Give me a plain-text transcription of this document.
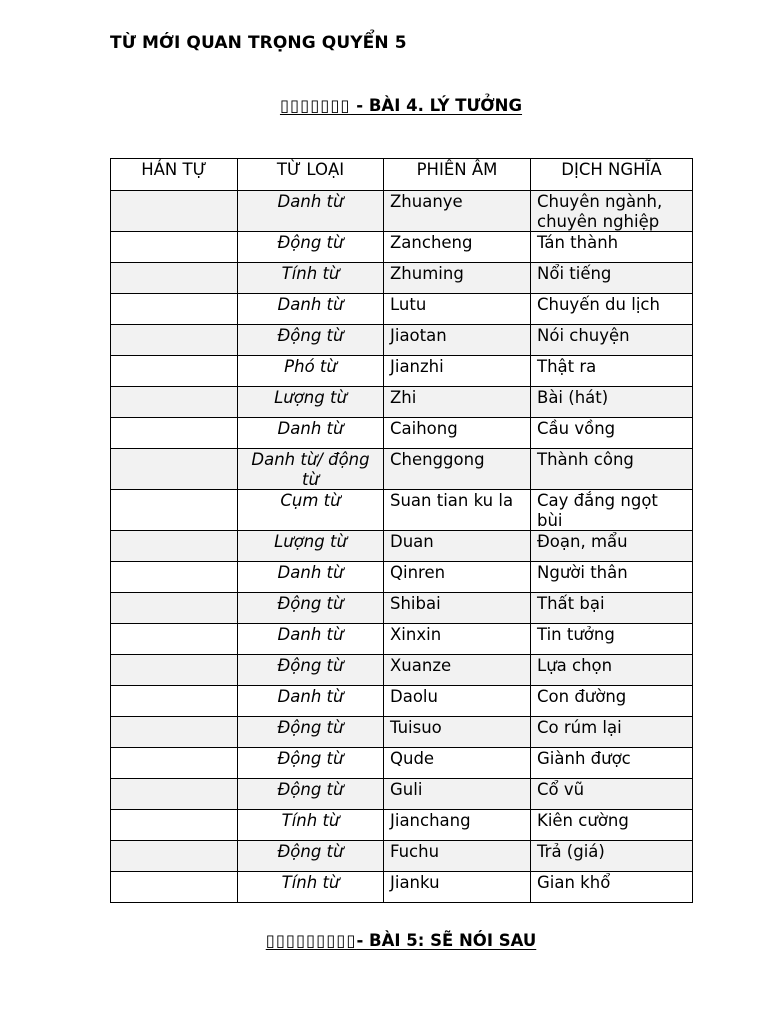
TỪ MỚI QUAN TRỌNG QUYỂN 5
▯▯▯▯▯▯▯ - BÀI 4. LÝ TƯỞNG
HÁN TỰ	TỪ LOẠI	PHIÊN ÂM	DỊCH NGHĨA
	Danh từ	Zhuanye	Chuyên ngành, chuyên nghiệp
	Động từ	Zancheng	Tán thành
	Tính từ	Zhuming	Nổi tiếng
	Danh từ	Lutu	Chuyến du lịch
	Động từ	Jiaotan	Nói chuyện
	Phó từ	Jianzhi	Thật ra
	Lượng từ	Zhi	Bài (hát)
	Danh từ	Caihong	Cầu vồng
	Danh từ/ động từ	Chenggong	Thành công
	Cụm từ	Suan tian ku la	Cay đắng ngọt bùi
	Lượng từ	Duan	Đoạn, mẩu
	Danh từ	Qinren	Người thân
	Động từ	Shibai	Thất bại
	Danh từ	Xinxin	Tin tưởng
	Động từ	Xuanze	Lựa chọn
	Danh từ	Daolu	Con đường
	Động từ	Tuisuo	Co rúm lại
	Động từ	Qude	Giành được
	Động từ	Guli	Cổ vũ
	Tính từ	Jianchang	Kiên cường
	Động từ	Fuchu	Trả (giá)
	Tính từ	Jianku	Gian khổ
▯▯▯▯▯▯▯▯▯- BÀI 5: SẼ NÓI SAU
